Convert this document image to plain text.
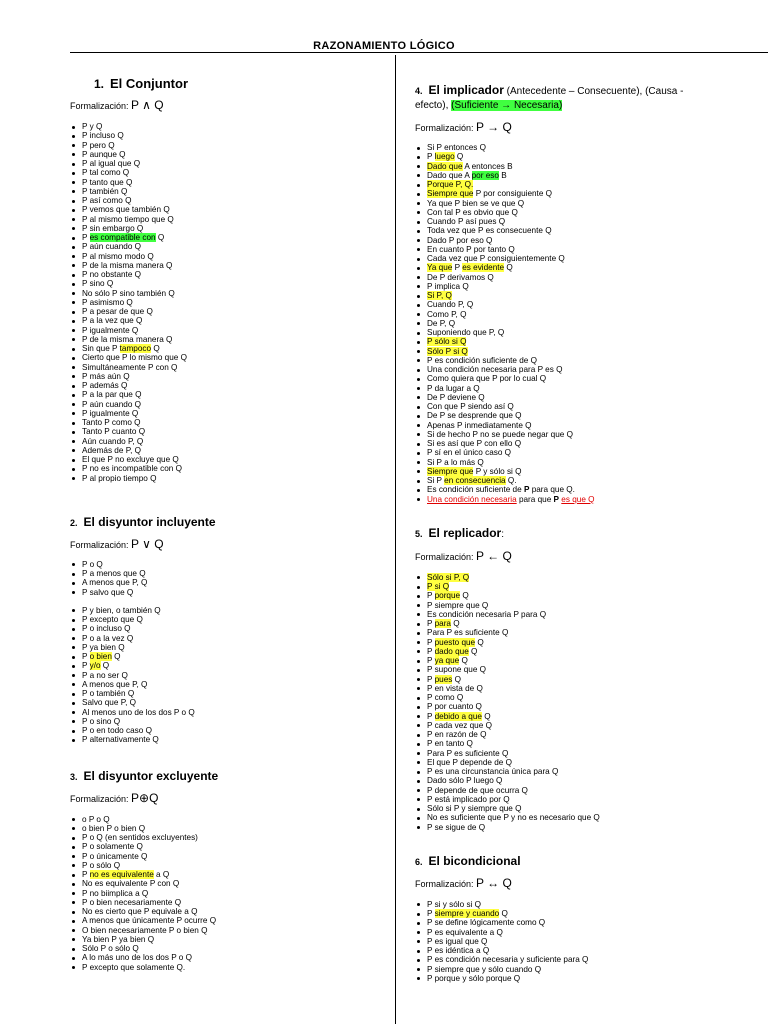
RAZONAMIENTO LÓGICO
1. El Conjuntor
Formalización: P ∧ Q
P y Q
P incluso Q
P pero Q
P aunque Q
P al igual que Q
P tal como Q
P tanto que Q
P también Q
P así como Q
P vemos que también Q
P al mismo tiempo que Q
P sin embargo Q
P es compatible con Q
P aún cuando Q
P al mismo modo Q
P de la misma manera Q
P no obstante Q
P sino Q
No sólo P sino también Q
P asimismo Q
P a pesar de que Q
P a la vez que Q
P igualmente Q
P de la misma manera Q
Sin que P tampoco Q
Cierto que P lo mismo que Q
Simultáneamente P con Q
P más aún Q
P además Q
P a la par que Q
P aún cuando Q
P igualmente Q
Tanto P como Q
Tanto P cuanto Q
Aún cuando P, Q
Además de P, Q
El que P no excluye que Q
P no es incompatible con Q
P al propio tiempo Q
2. El disyuntor incluyente
Formalización: P ∨ Q
P o Q
P a menos que Q
A menos que P, Q
P salvo que Q
P y bien, o también Q
P excepto que Q
P o incluso Q
P o a la vez Q
P ya bien Q
P o bien Q
P y/o Q
P a no ser Q
A menos que P, Q
P o también Q
Salvo que P, Q
Al menos uno de los dos P o Q
P o sino Q
P o en todo caso Q
P alternativamente Q
3. El disyuntor excluyente
Formalización: P⊕Q
o P o Q
o bien P o bien Q
P o Q (en sentidos excluyentes)
P o solamente Q
P o únicamente Q
P o sólo Q
P no es equivalente a Q
No es equivalente P con Q
P no biimplica a Q
P o bien necesariamente Q
No es cierto que P equivale a Q
A menos que únicamente P ocurre Q
O bien necesariamente P o bien Q
Ya bien P ya bien Q
Sólo P o sólo Q
A lo más uno de los dos P o Q
P excepto que solamente Q.
4. El implicador (Antecedente – Consecuente), (Causa -
efecto), (Suficiente → Necesaria)
Formalización: P → Q
Si P entonces Q
P luego Q
Dado que A entonces B
Dado que A por eso B
Porque P, Q.
Siempre que P por consiguiente Q
Ya que P bien se ve que Q
Con tal P es obvio que Q
Cuando P así pues Q
Toda vez que P es consecuente Q
Dado P por eso Q
En cuanto P por tanto Q
Cada vez que P consiguientemente Q
Ya que P es evidente Q
De P derivamos Q
P implica Q
Si P, Q
Cuando P, Q
Como P, Q
De P, Q
Suponiendo que P, Q
P sólo si Q
Sólo P si Q
P es condición suficiente de Q
Una condición necesaria para P es Q
Como quiera que P por lo cual Q
P da lugar a Q
De P deviene Q
Con que P siendo así Q
De P se desprende que Q
Apenas P inmediatamente Q
Si de hecho P no se puede negar que Q
Si es así que P con ello Q
P sí en el único caso Q
Si P a lo más Q
Siempre que P y sólo si Q
Si P en consecuencia Q.
Es condición suficiente de P para que Q.
Una condición necesaria para que P es que Q
5. El replicador:
Formalización: P ← Q
Sólo si P, Q
P si Q
P porque Q
P siempre que Q
Es condición necesaria P para Q
P para Q
Para P es suficiente Q
P puesto que Q
P dado que Q
P ya que Q
P supone que Q
P pues Q
P en vista de Q
P como Q
P por cuanto Q
P debido a que Q
P cada vez que Q
P en razón de Q
P en tanto Q
Para P es suficiente Q
El que P depende de Q
P es una circunstancia única para Q
Dado sólo P luego Q
P depende de que ocurra Q
P está implicado por Q
Sólo si P y siempre que Q
No es suficiente que P y no es necesario que Q
P se sigue de Q
6. El bicondicional
Formalización: P ↔ Q
P si y sólo si Q
P siempre y cuando Q
P se define lógicamente como Q
P es equivalente a Q
P es igual que Q
P es idéntica a Q
P es condición necesaria y suficiente para Q
P siempre que y sólo cuando Q
P porque y sólo porque Q
